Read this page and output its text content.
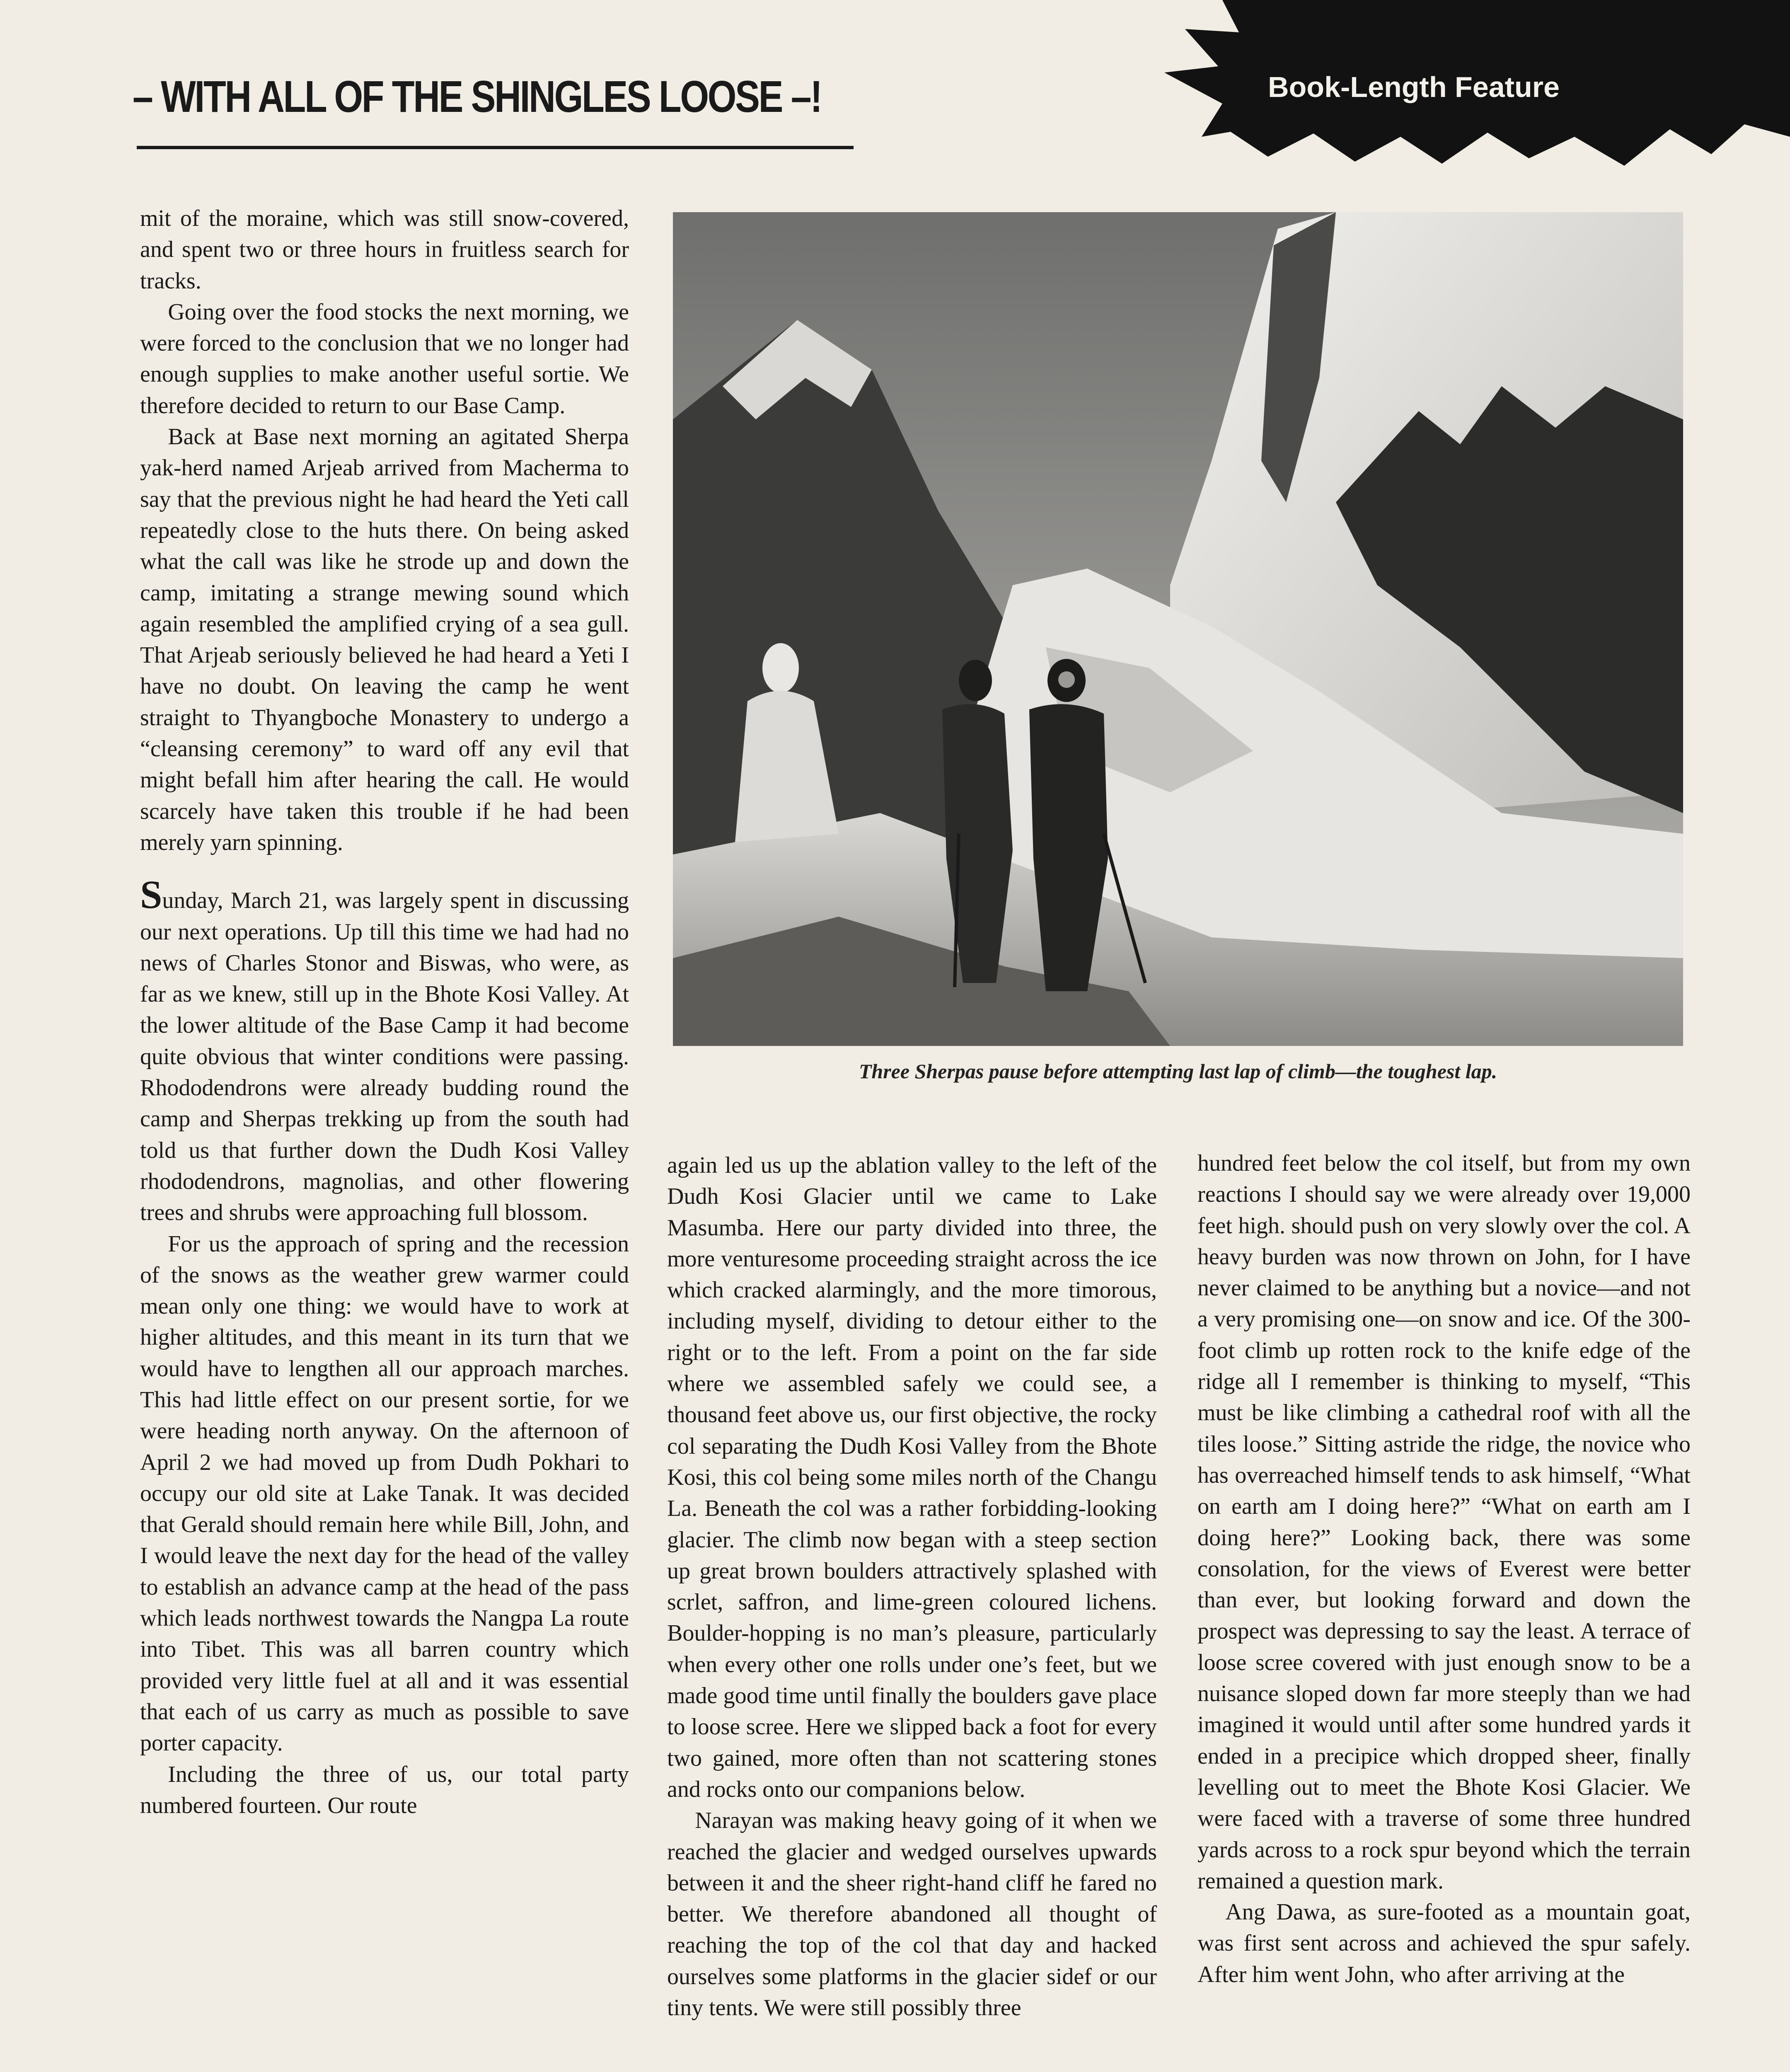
– WITH ALL OF THE SHINGLES LOOSE –!	Book-Length Feature
Three Sherpas pause before attempting last lap of climb—the toughest lap.

mit of the moraine, which was still snow-covered, and spent two or three hours in fruitless search for tracks.

Going over the food stocks the next morning, we were forced to the conclusion that we no longer had enough supplies to make another useful sortie. We therefore decided to return to our Base Camp.

Back at Base next morning an agitated Sherpa yak-herd named Arjeab arrived from Macherma to say that the previous night he had heard the Yeti call repeatedly close to the huts there. On being asked what the call was like he strode up and down the camp, imitating a strange mewing sound which again resembled the amplified crying of a sea gull. That Arjeab seriously believed he had heard a Yeti I have no doubt. On leaving the camp he went straight to Thyangboche Monastery to undergo a “cleansing ceremony” to ward off any evil that might befall him after hearing the call. He would scarcely have taken this trouble if he had been merely yarn spinning.

Sunday, March 21, was largely spent in discussing our next operations. Up till this time we had had no news of Charles Stonor and Biswas, who were, as far as we knew, still up in the Bhote Kosi Valley. At the lower altitude of the Base Camp it had become quite obvious that winter conditions were passing. Rhododendrons were already budding round the camp and Sherpas trekking up from the south had told us that further down the Dudh Kosi Valley rhododendrons, magnolias, and other flowering trees and shrubs were approaching full blossom.

For us the approach of spring and the recession of the snows as the weather grew warmer could mean only one thing: we would have to work at higher altitudes, and this meant in its turn that we would have to lengthen all our approach marches. This had little effect on our present sortie, for we were heading north anyway. On the afternoon of April 2 we had moved up from Dudh Pokhari to occupy our old site at Lake Tanak. It was decided that Gerald should remain here while Bill, John, and I would leave the next day for the head of the valley to establish an advance camp at the head of the pass which leads northwest towards the Nangpa La route into Tibet. This was all barren country which provided very little fuel at all and it was essential that each of us carry as much as possible to save porter capacity.

Including the three of us, our total party numbered fourteen. Our route

again led us up the ablation valley to the left of the Dudh Kosi Glacier until we came to Lake Masumba. Here our party divided into three, the more venturesome proceeding straight across the ice which cracked alarmingly, and the more timorous, including myself, dividing to detour either to the right or to the left. From a point on the far side where we assembled safely we could see, a thousand feet above us, our first objective, the rocky col separating the Dudh Kosi Valley from the Bhote Kosi, this col being some miles north of the Changu La. Beneath the col was a rather forbidding-looking glacier. The climb now began with a steep section up great brown boulders attractively splashed with scrlet, saffron, and lime-green coloured lichens. Boulder-hopping is no man’s pleasure, particularly when every other one rolls under one’s feet, but we made good time until finally the boulders gave place to loose scree. Here we slipped back a foot for every two gained, more often than not scattering stones and rocks onto our companions below.

Narayan was making heavy going of it when we reached the glacier and wedged ourselves upwards between it and the sheer right-hand cliff he fared no better. We therefore abandoned all thought of reaching the top of the col that day and hacked ourselves some platforms in the glacier sidef or our tiny tents. We were still possibly three

hundred feet below the col itself, but from my own reactions I should say we were already over 19,000 feet high. should push on very slowly over the col. A heavy burden was now thrown on John, for I have never claimed to be anything but a novice—and not a very promising one—on snow and ice. Of the 300-foot climb up rotten rock to the knife edge of the ridge all I remember is thinking to myself, “This must be like climbing a cathedral roof with all the tiles loose.” Sitting astride the ridge, the novice who has overreached himself tends to ask himself, “What on earth am I doing here?” “What on earth am I doing here?” Looking back, there was some consolation, for the views of Everest were better than ever, but looking forward and down the prospect was depressing to say the least. A terrace of loose scree covered with just enough snow to be a nuisance sloped down far more steeply than we had imagined it would until after some hundred yards it ended in a precipice which dropped sheer, finally levelling out to meet the Bhote Kosi Glacier. We were faced with a traverse of some three hundred yards across to a rock spur beyond which the terrain remained a question mark.

Ang Dawa, as sure-footed as a mountain goat, was first sent across and achieved the spur safely. After him went John, who after arriving at the
